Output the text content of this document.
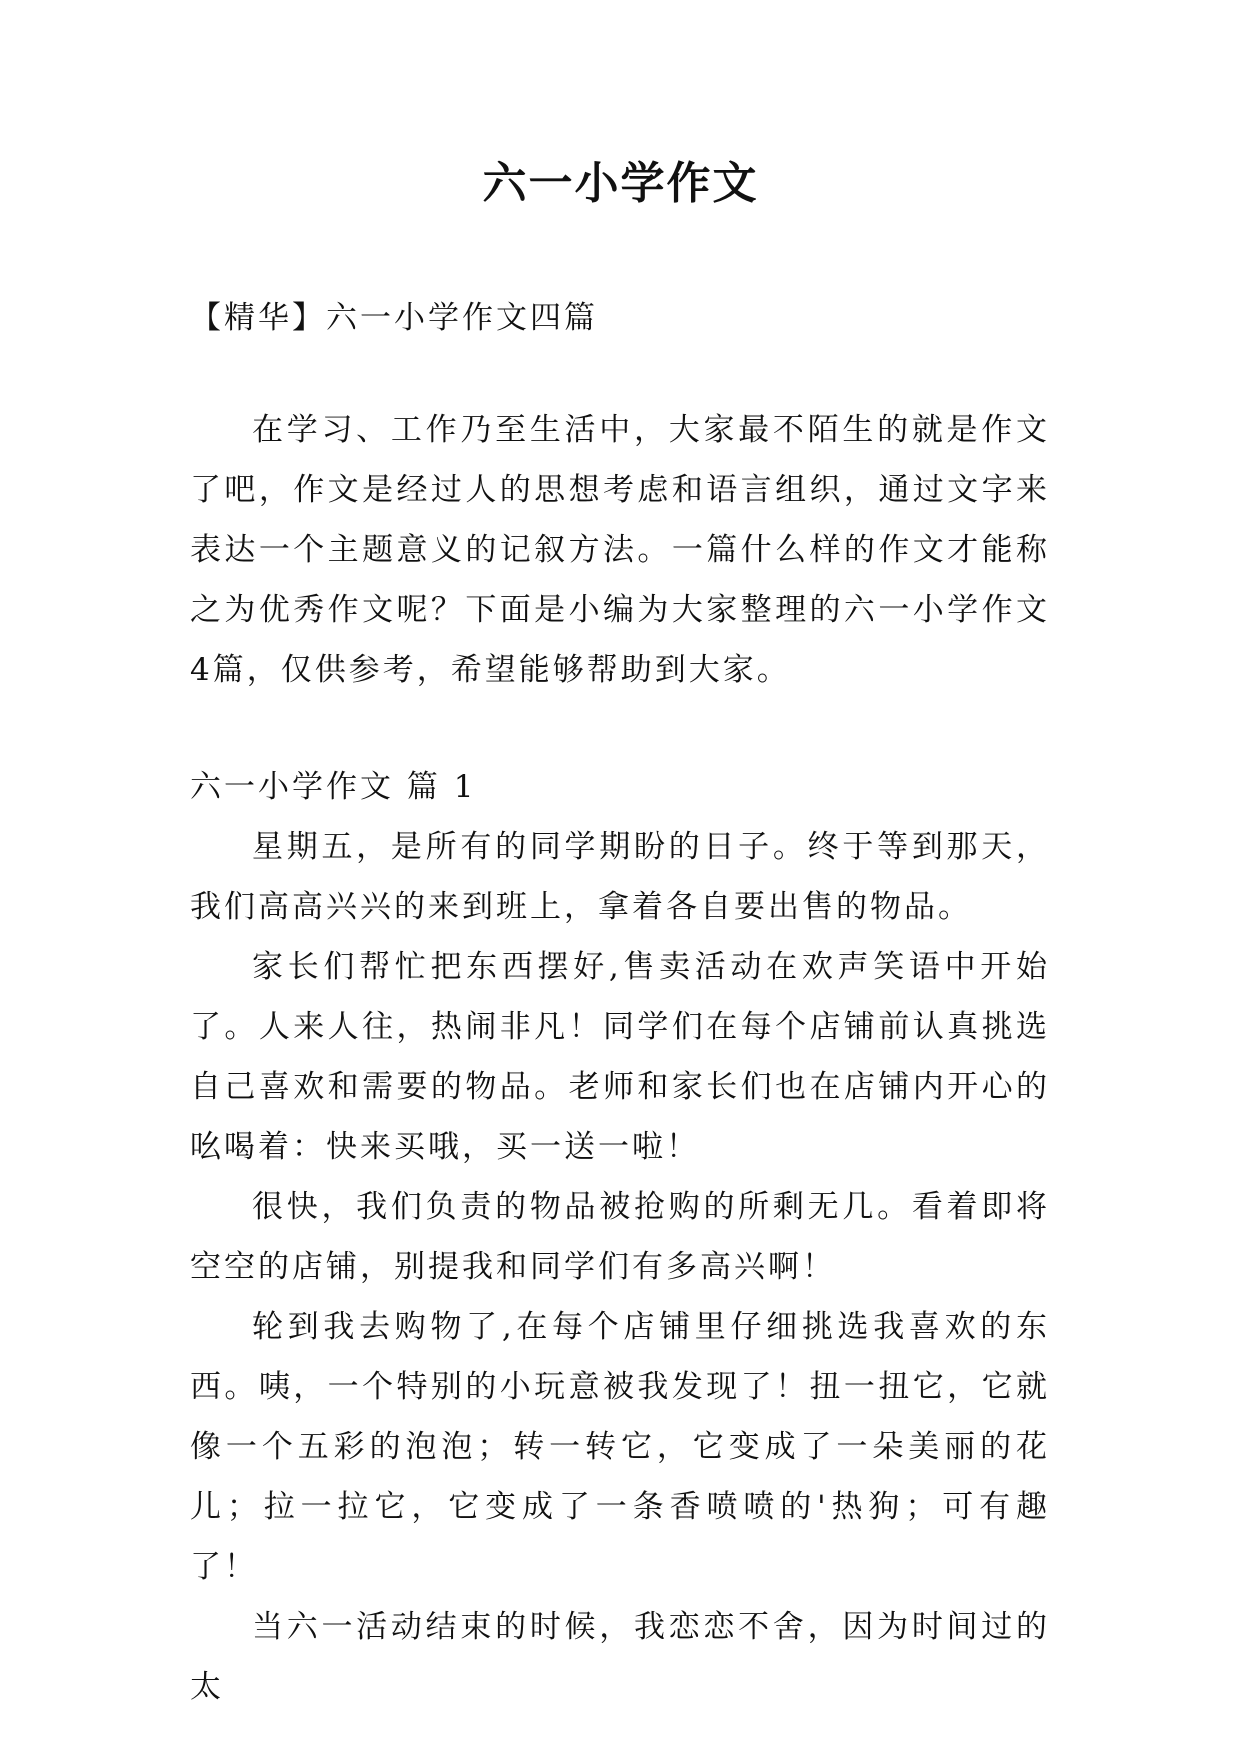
六一小学作文
【精华】六一小学作文四篇

在学习、工作乃至生活中，大家最不陌生的就是作文了吧，作文是经过人的思想考虑和语言组织，通过文字来表达一个主题意义的记叙方法。一篇什么样的作文才能称之为优秀作文呢？下面是小编为大家整理的六一小学作文4篇，仅供参考，希望能够帮助到大家。

六一小学作文 篇 1

星期五，是所有的同学期盼的日子。终于等到那天，我们高高兴兴的来到班上，拿着各自要出售的物品。

家长们帮忙把东西摆好,售卖活动在欢声笑语中开始了。人来人往，热闹非凡！同学们在每个店铺前认真挑选自己喜欢和需要的物品。老师和家长们也在店铺内开心的吆喝着：快来买哦，买一送一啦！

很快，我们负责的物品被抢购的所剩无几。看着即将空空的店铺，别提我和同学们有多高兴啊！

轮到我去购物了,在每个店铺里仔细挑选我喜欢的东西。咦，一个特别的小玩意被我发现了！扭一扭它，它就像一个五彩的泡泡；转一转它，它变成了一朵美丽的花儿；拉一拉它，它变成了一条香喷喷的'热狗；可有趣了！

当六一活动结束的时候，我恋恋不舍，因为时间过的太
